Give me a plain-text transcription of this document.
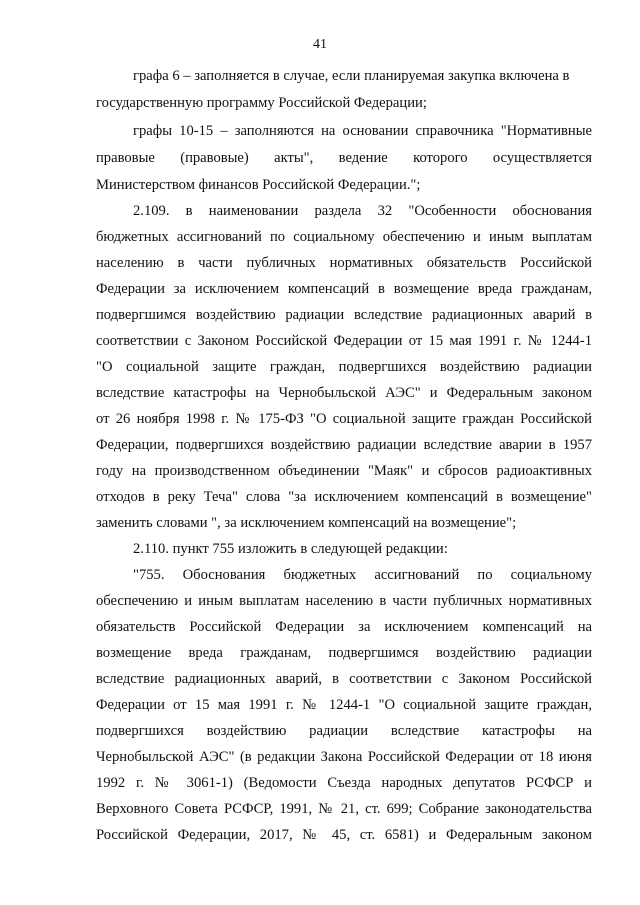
41
графа 6 – заполняется в случае, если планируемая закупка включена в
государственную программу Российской Федерации;
графы 10-15 – заполняются на основании справочника "Нормативные
правовые (правовые) акты", ведение которого осуществляется
Министерством финансов Российской Федерации.";
2.109. в наименовании раздела 32 "Особенности обоснования
бюджетных ассигнований по социальному обеспечению и иным выплатам
населению в части публичных нормативных обязательств Российской
Федерации за исключением компенсаций в возмещение вреда гражданам,
подвергшимся воздействию радиации вследствие радиационных аварий в
соответствии с Законом Российской Федерации от 15 мая 1991 г. № 1244-1
"О социальной защите граждан, подвергшихся воздействию радиации
вследствие катастрофы на Чернобыльской АЭС" и Федеральным законом
от 26 ноября 1998 г. № 175-ФЗ "О социальной защите граждан Российской
Федерации, подвергшихся воздействию радиации вследствие аварии в 1957
году на производственном объединении "Маяк" и сбросов радиоактивных
отходов в реку Теча" слова "за исключением компенсаций в возмещение"
заменить словами ", за исключением компенсаций на возмещение";
2.110. пункт 755 изложить в следующей редакции:
"755. Обоснования бюджетных ассигнований по социальному
обеспечению и иным выплатам населению в части публичных нормативных
обязательств Российской Федерации за исключением компенсаций на
возмещение вреда гражданам, подвергшимся воздействию радиации
вследствие радиационных аварий, в соответствии с Законом Российской
Федерации от 15 мая 1991 г. № 1244-1 "О социальной защите граждан,
подвергшихся воздействию радиации вследствие катастрофы на
Чернобыльской АЭС" (в редакции Закона Российской Федерации от 18 июня
1992 г. № 3061-1) (Ведомости Съезда народных депутатов РСФСР и
Верховного Совета РСФСР, 1991, № 21, ст. 699; Собрание законодательства
Российской Федерации, 2017, № 45, ст. 6581) и Федеральным законом
